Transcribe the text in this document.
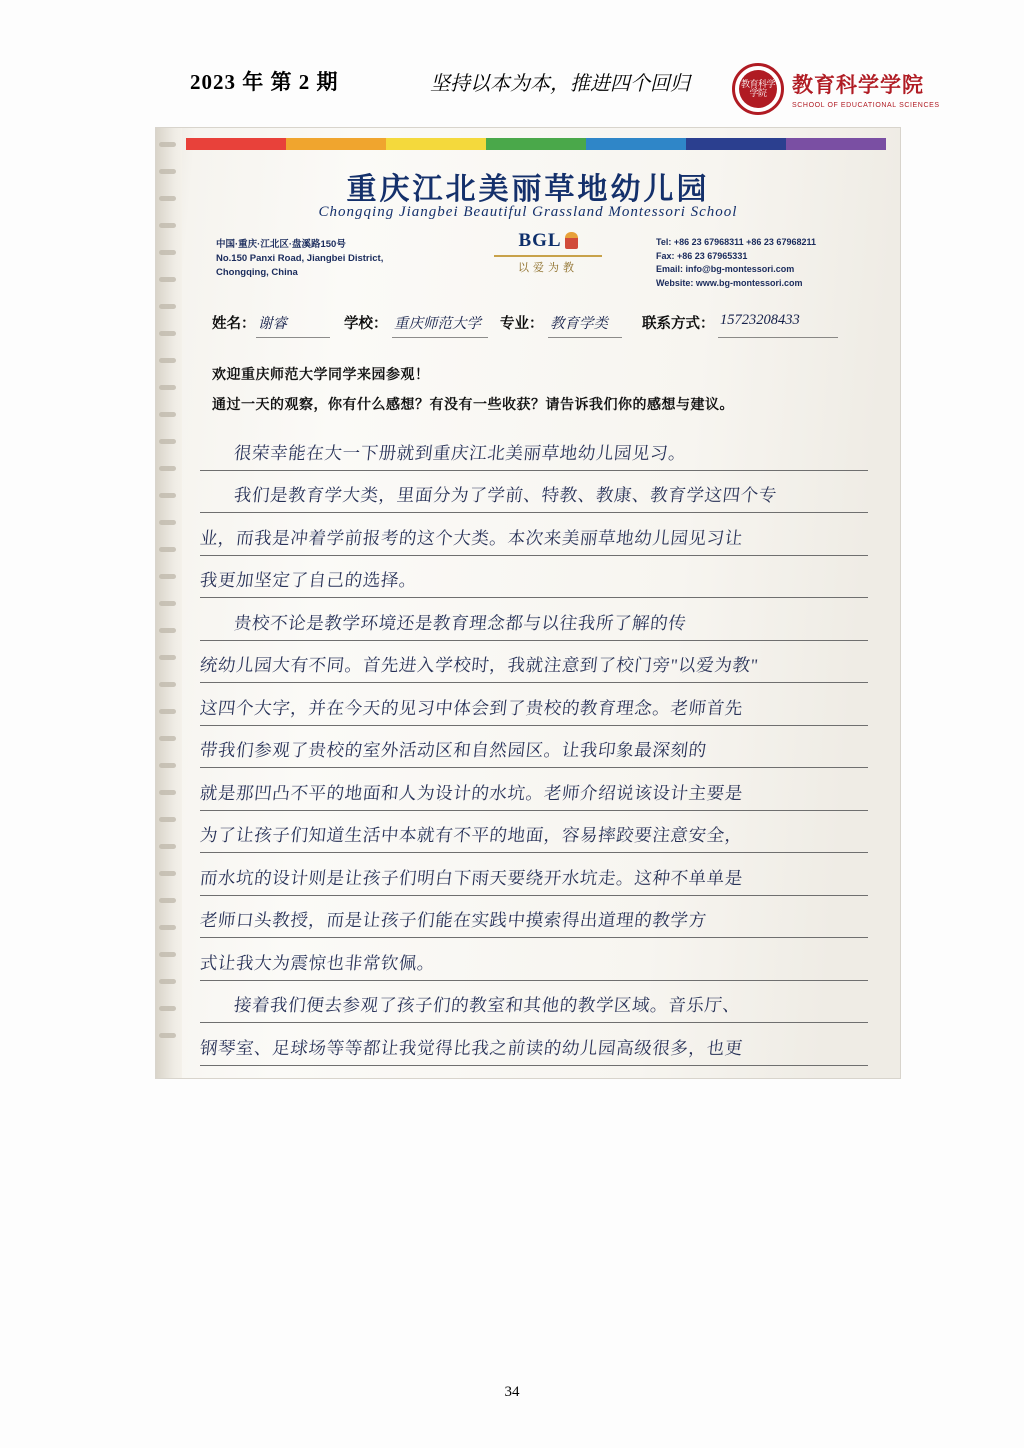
2023 年 第 2 期	坚持以本为本，推进四个回归	教育科学学院	教育科学学院
SCHOOL OF EDUCATIONAL SCIENCES
重庆江北美丽草地幼儿园
Chongqing Jiangbei Beautiful Grassland Montessori School
中国·重庆·江北区·盘溪路150号
No.150 Panxi Road, Jiangbei District,
Chongqing, China
BGL
以爱为教
Tel: +86 23 67968311 +86 23 67968211
Fax: +86 23 67965331
Email: info@bg-montessori.com
Website: www.bg-montessori.com
姓名： 谢睿	学校： 重庆师范大学 专业： 教育学类 联系方式： 15723208433
欢迎重庆师范大学同学来园参观！
通过一天的观察，你有什么感想？有没有一些收获？请告诉我们你的感想与建议。
很荣幸能在大一下册就到重庆江北美丽草地幼儿园见习。
我们是教育学大类，里面分为了学前、特教、教康、教育学这四个专
业，而我是冲着学前报考的这个大类。本次来美丽草地幼儿园见习让
我更加坚定了自己的选择。
贵校不论是教学环境还是教育理念都与以往我所了解的传
统幼儿园大有不同。首先进入学校时，我就注意到了校门旁"以爱为教"
这四个大字，并在今天的见习中体会到了贵校的教育理念。老师首先
带我们参观了贵校的室外活动区和自然园区。让我印象最深刻的
就是那凹凸不平的地面和人为设计的水坑。老师介绍说该设计主要是
为了让孩子们知道生活中本就有不平的地面，容易摔跤要注意安全，
而水坑的设计则是让孩子们明白下雨天要绕开水坑走。这种不单单是
老师口头教授，而是让孩子们能在实践中摸索得出道理的教学方
式让我大为震惊也非常钦佩。
接着我们便去参观了孩子们的教室和其他的教学区域。音乐厅、
钢琴室、足球场等等都让我觉得比我之前读的幼儿园高级很多，也更
34
